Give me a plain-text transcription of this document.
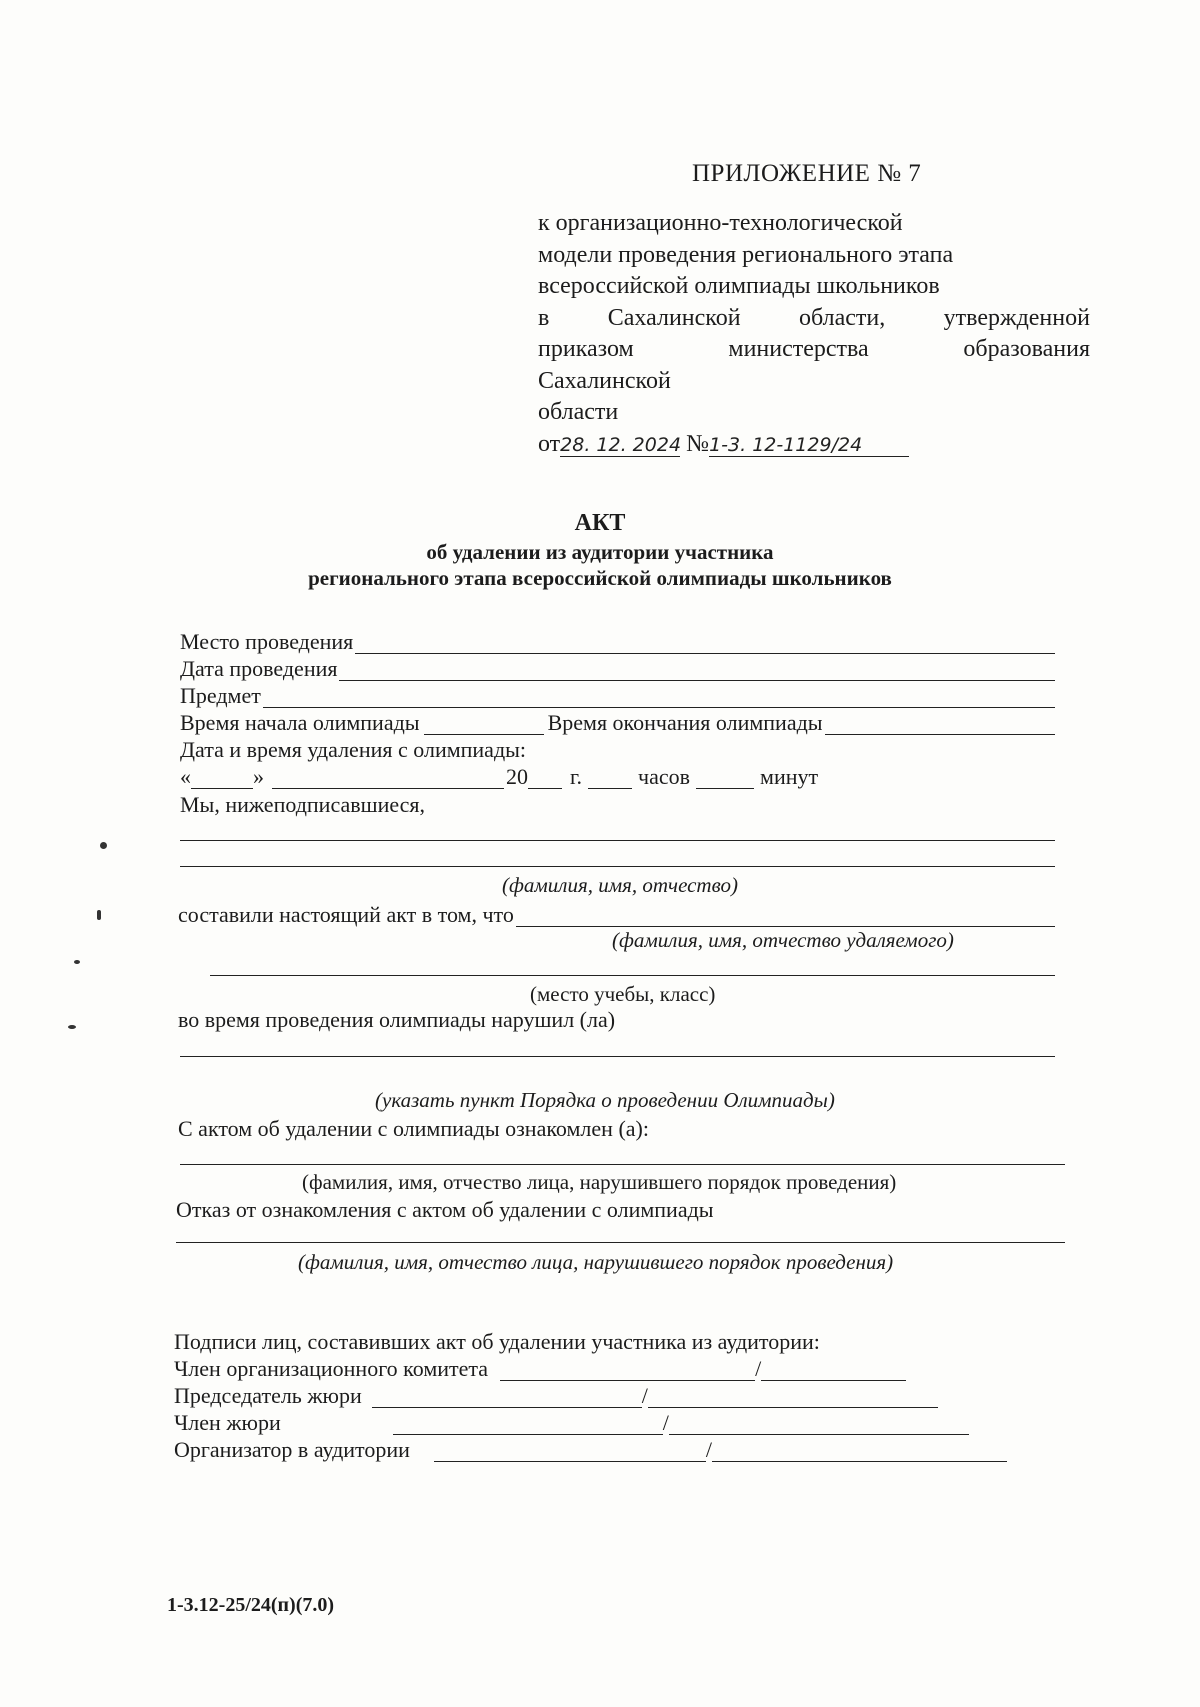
ПРИЛОЖЕНИЕ № 7
к организационно-технологической
модели проведения регионального этапа
всероссийской олимпиады школьников
в Сахалинской области, утвержденной
приказом	министерства	образования
Сахалинской
области
от28. 12. 2024 №1-3. 12-1129/24
АКТ
об удалении из аудитории участника
регионального этапа всероссийской олимпиады школьников
Место проведения
Дата проведения
Предмет
Время начала олимпиады	Время окончания олимпиады
Дата и время удаления с олимпиады:
«	»	20 г.	часов	минут
Мы, нижеподписавшиеся,
(фамилия, имя, отчество)
составили настоящий акт в том, что
(фамилия, имя, отчество удаляемого)
(место учебы, класс)
во время проведения олимпиады нарушил (ла)
(указать пункт Порядка о проведении Олимпиады)
С актом об удалении с олимпиады ознакомлен (а):
(фамилия, имя, отчество лица, нарушившего порядок проведения)
Отказ от ознакомления с актом об удалении с олимпиады
(фамилия, имя, отчество лица, нарушившего порядок проведения)
Подписи лиц, составивших акт об удалении участника из аудитории:
Член организационного комитета	/
Председатель жюри	/
Член жюри	/
Организатор в аудитории	/
1-3.12-25/24(п)(7.0)
